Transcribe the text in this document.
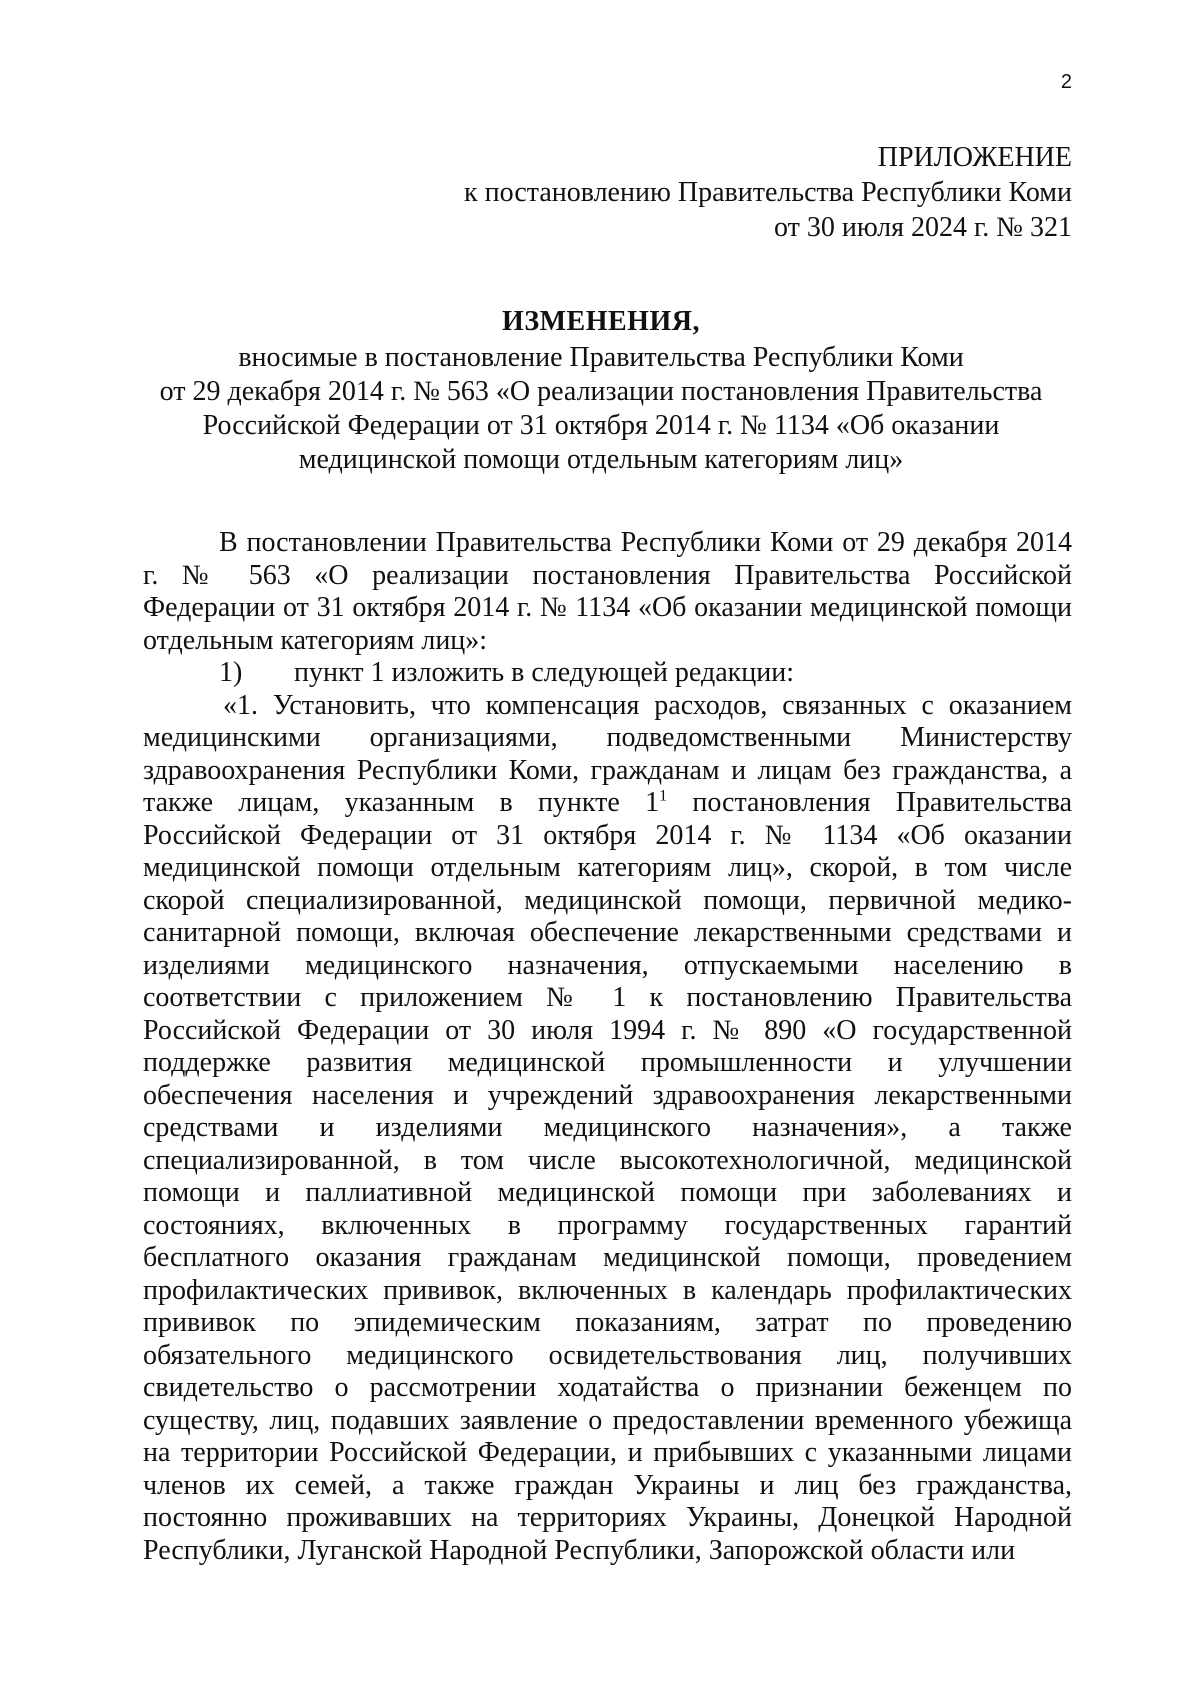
2
ПРИЛОЖЕНИЕ
к постановлению Правительства Республики Коми
от 30 июля 2024 г. № 321
ИЗМЕНЕНИЯ,
вносимые в постановление Правительства Республики Коми
от 29 декабря 2014 г. № 563 «О реализации постановления Правительства
Российской Федерации от 31 октября 2014 г. № 1134 «Об оказании
медицинской помощи отдельным категориям лиц»

В постановлении Правительства Республики Коми от 29 декабря 2014 г. № 563 «О реализации постановления Правительства Российской Федерации от 31 октября 2014 г. № 1134 «Об оказании медицинской помощи отдельным категориям лиц»:

1) пункт 1 изложить в следующей редакции:

«1. Установить, что компенсация расходов, связанных с оказанием медицинскими организациями, подведомственными Министерству здравоохранения Республики Коми, гражданам и лицам без гражданства, а также лицам, указанным в пункте $1^1$ постановления Правительства Российской Федерации от 31 октября 2014 г. № 1134 «Об оказании медицинской помощи отдельным категориям лиц», скорой, в том числе скорой специализированной, медицинской помощи, первичной медико-санитарной помощи, включая обеспечение лекарственными средствами и изделиями медицинского назначения, отпускаемыми населению в соответствии с приложением № 1 к постановлению Правительства Российской Федерации от 30 июля 1994 г. № 890 «О государственной поддержке развития медицинской промышленности и улучшении обеспечения населения и учреждений здравоохранения лекарственными средствами и изделиями медицинского назначения», а также специализированной, в том числе высокотехнологичной, медицинской помощи и паллиативной медицинской помощи при заболеваниях и состояниях, включенных в программу государственных гарантий бесплатного оказания гражданам медицинской помощи, проведением профилактических прививок, включенных в календарь профилактических прививок по эпидемическим показаниям, затрат по проведению обязательного медицинского освидетельствования лиц, получивших свидетельство о рассмотрении ходатайства о признании беженцем по существу, лиц, подавших заявление о предоставлении временного убежища на территории Российской Федерации, и прибывших с указанными лицами членов их семей, а также граждан Украины и лиц без гражданства, постоянно проживавших на территориях Украины, Донецкой Народной Республики, Луганской Народной Республики, Запорожской области или
